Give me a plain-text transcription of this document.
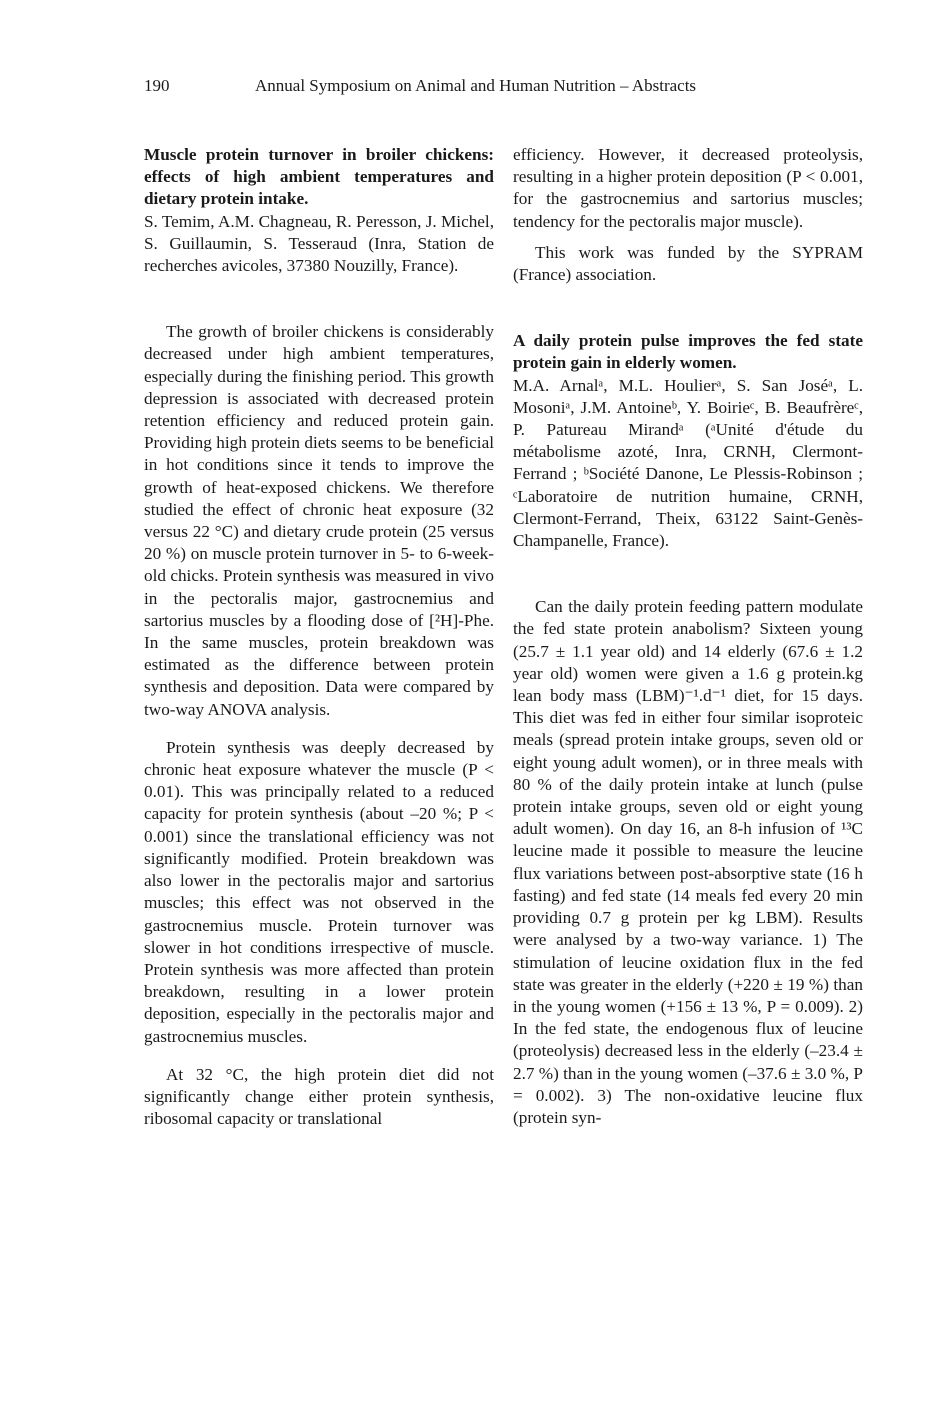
190	Annual Symposium on Animal and Human Nutrition – Abstracts

Muscle protein turnover in broiler chickens: effects of high ambient temperatures and dietary protein intake.

S. Temim, A.M. Chagneau, R. Peresson, J. Michel, S. Guillaumin, S. Tesseraud (Inra, Station de recherches avicoles, 37380 Nouzilly, France).

The growth of broiler chickens is considerably decreased under high ambient temperatures, especially during the finishing period. This growth depression is associated with decreased protein retention efficiency and reduced protein gain. Providing high protein diets seems to be beneficial in hot conditions since it tends to improve the growth of heat-exposed chickens. We therefore studied the effect of chronic heat exposure (32 versus 22 °C) and dietary crude protein (25 versus 20 %) on muscle protein turnover in 5- to 6-week-old chicks. Protein synthesis was measured in vivo in the pectoralis major, gastrocnemius and sartorius muscles by a flooding dose of [²H]-Phe. In the same muscles, protein breakdown was estimated as the difference between protein synthesis and deposition. Data were compared by two-way ANOVA analysis.

Protein synthesis was deeply decreased by chronic heat exposure whatever the muscle (P < 0.01). This was principally related to a reduced capacity for protein synthesis (about –20 %; P < 0.001) since the translational efficiency was not significantly modified. Protein breakdown was also lower in the pectoralis major and sartorius muscles; this effect was not observed in the gastrocnemius muscle. Protein turnover was slower in hot conditions irrespective of muscle. Protein synthesis was more affected than protein breakdown, resulting in a lower protein deposition, especially in the pectoralis major and gastrocnemius muscles.

At 32 °C, the high protein diet did not significantly change either protein synthesis, ribosomal capacity or translational

efficiency. However, it decreased proteolysis, resulting in a higher protein deposition (P < 0.001, for the gastrocnemius and sartorius muscles; tendency for the pectoralis major muscle).

This work was funded by the SYPRAM (France) association.

A daily protein pulse improves the fed state protein gain in elderly women.

M.A. Arnalᵃ, M.L. Houlierᵃ, S. San Joséᵃ, L. Mosoniᵃ, J.M. Antoineᵇ, Y. Boirieᶜ, B. Beaufrèreᶜ, P. Patureau Mirandᵃ (ᵃUnité d'étude du métabolisme azoté, Inra, CRNH, Clermont-Ferrand ; ᵇSociété Danone, Le Plessis-Robinson ; ᶜLaboratoire de nutrition humaine, CRNH, Clermont-Ferrand, Theix, 63122 Saint-Genès-Champanelle, France).

Can the daily protein feeding pattern modulate the fed state protein anabolism? Sixteen young (25.7 ± 1.1 year old) and 14 elderly (67.6 ± 1.2 year old) women were given a 1.6 g protein.kg lean body mass (LBM)⁻¹.d⁻¹ diet, for 15 days. This diet was fed in either four similar isoproteic meals (spread protein intake groups, seven old or eight young adult women), or in three meals with 80 % of the daily protein intake at lunch (pulse protein intake groups, seven old or eight young adult women). On day 16, an 8-h infusion of ¹³C leucine made it possible to measure the leucine flux variations between post-absorptive state (16 h fasting) and fed state (14 meals fed every 20 min providing 0.7 g protein per kg LBM). Results were analysed by a two-way variance. 1) The stimulation of leucine oxidation flux in the fed state was greater in the elderly (+220 ± 19 %) than in the young women (+156 ± 13 %, P = 0.009). 2) In the fed state, the endogenous flux of leucine (proteolysis) decreased less in the elderly (–23.4 ± 2.7 %) than in the young women (–37.6 ± 3.0 %, P = 0.002). 3) The non-oxidative leucine flux (protein syn-
